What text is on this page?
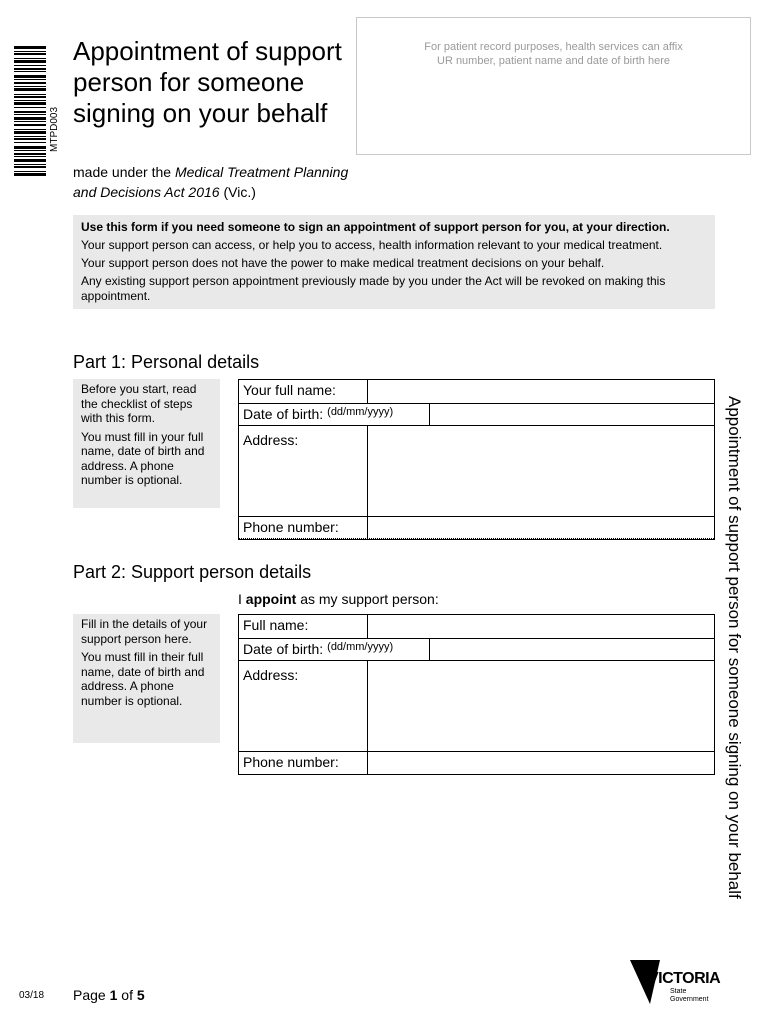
MTPD003
Appointment of support person for someone signing on your behalf
made under the Medical Treatment Planning and Decisions Act 2016 (Vic.)
For patient record purposes, health services can affix
UR number, patient name and date of birth here

Use this form if you need someone to sign an appointment of support person for you, at your direction.

Your support person can access, or help you to access, health information relevant to your medical treatment.

Your support person does not have the power to make medical treatment decisions on your behalf.

Any existing support person appointment previously made by you under the Act will be revoked on making this appointment.

Part 1: Personal details

Before you start, read the checklist of steps with this form.

You must fill in your full name, date of birth and address. A phone number is optional.

Your full name:
Date of birth: (dd/mm/yyyy)
Address:
Phone number:
Part 2: Support person details
I appoint as my support person:

Fill in the details of your support person here.

You must fill in their full name, date of birth and address. A phone number is optional.

Full name:
Date of birth: (dd/mm/yyyy)
Address:
Phone number:	Appointment of support person for someone signing on your behalf
03/18 Page 1 of 5
VICTORIA
State
Government
